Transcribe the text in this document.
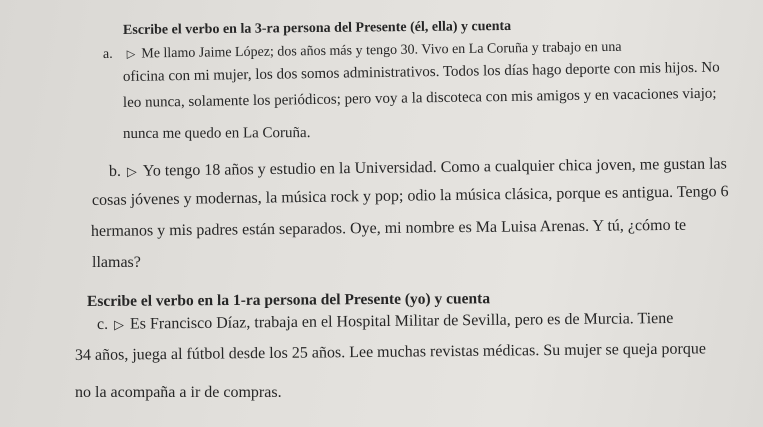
Escribe el verbo en la 3-ra persona del Presente (él, ella) y cuenta
a. ▷ Me llamo Jaime López; dos años más y tengo 30. Vivo en La Coruña y trabajo en una
oficina con mi mujer, los dos somos administrativos. Todos los días hago deporte con mis hijos. No
leo nunca, solamente los periódicos; pero voy a la discoteca con mis amigos y en vacaciones viajo;
nunca me quedo en La Coruña.
b. ▷ Yo tengo 18 años y estudio en la Universidad. Como a cualquier chica joven, me gustan las
cosas jóvenes y modernas, la música rock y pop; odio la música clásica, porque es antigua. Tengo 6
hermanos y mis padres están separados. Oye, mi nombre es Ma Luisa Arenas. Y tú, ¿cómo te
llamas?
Escribe el verbo en la 1-ra persona del Presente (yo) y cuenta
c. ▷ Es Francisco Díaz, trabaja en el Hospital Militar de Sevilla, pero es de Murcia. Tiene
34 años, juega al fútbol desde los 25 años. Lee muchas revistas médicas. Su mujer se queja porque
no la acompaña a ir de compras.
